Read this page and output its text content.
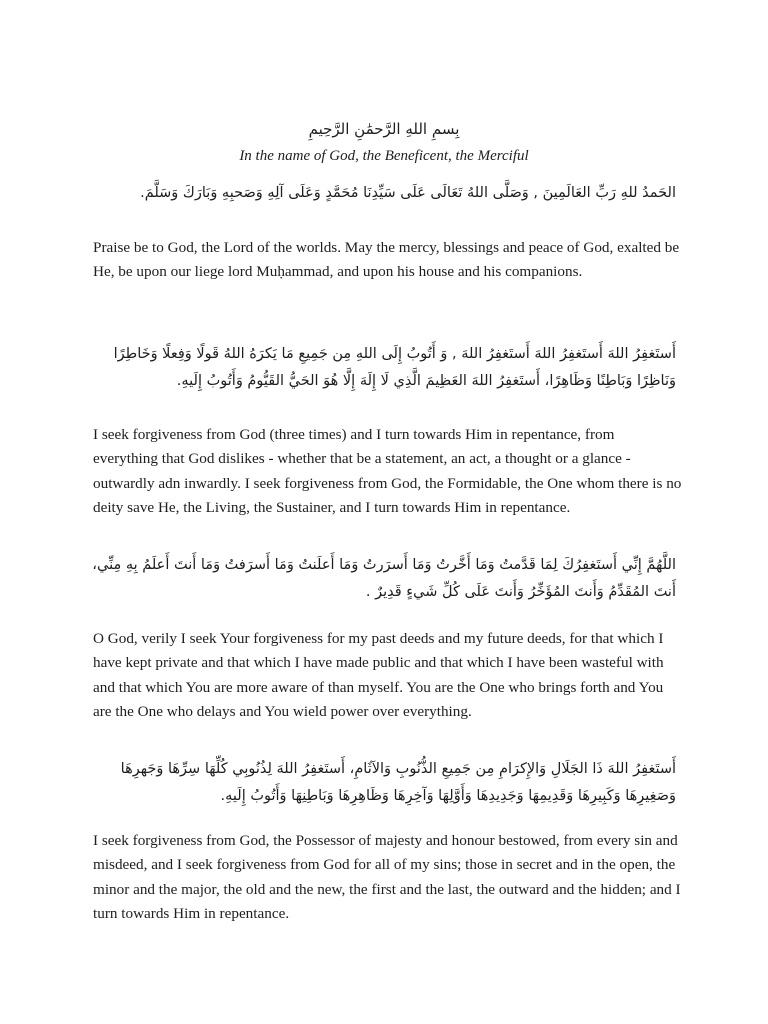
بِسمِ اللهِ الرَّحمَٰنِ الرَّحِيمِ
In the name of God, the Beneficent, the Merciful
الحَمدُ للهِ رَبِّ العَالَمِينَ , وَصَلَّى اللهُ تَعَالَى عَلَى سَيِّدِنَا مُحَمَّدٍ وَعَلَى آلِهِ وَصَحبِهِ وَبَارَكَ وَسَلَّمَ.
Praise be to God, the Lord of the worlds. May the mercy, blessings and peace of God, exalted be He, be upon our liege lord Muḥammad, and upon his house and his companions.
أَستَغفِرُ اللهَ أَستَغفِرُ اللهَ أَستَغفِرُ اللهَ , وَ أَتُوبُ إِلَى اللهِ مِن جَمِيعِ مَا يَكرَهُ اللهُ قَولًا وَفِعلًا وَخَاطِرًا وَنَاظِرًا وَبَاطِنًا وَظَاهِرًا، أَستَغفِرُ اللهَ العَظِيمَ الَّذِي لَا إِلَهَ إِلَّا هُوَ الحَيُّ القَيُّومُ وَأَتُوبُ إِلَيهِ.
I seek forgiveness from God (three times) and I turn towards Him in repentance, from everything that God dislikes - whether that be a statement, an act, a thought or a glance - outwardly adn inwardly. I seek forgiveness from God, the Formidable, the One whom there is no deity save He, the Living, the Sustainer, and I turn towards Him in repentance.
اللَّهُمَّ إِنِّي أَستَغفِرُكَ لِمَا قَدَّمتُ وَمَا أَخَّرتُ وَمَا أَسرَرتُ وَمَا أَعلَنتُ وَمَا أَسرَفتُ وَمَا أَنتَ أَعلَمُ بِهِ مِنِّي، أَنتَ المُقَدِّمُ وَأَنتَ المُؤَخِّرُ وَأَنتَ عَلَى كُلِّ شَيءٍ قَدِيرٌ .
O God, verily I seek Your forgiveness for my past deeds and my future deeds, for that which I have kept private and that which I have made public and that which I have been wasteful with and that which You are more aware of than myself. You are the One who brings forth and You are the One who delays and You wield power over everything.
أَستَغفِرُ اللهَ ذَا الجَلَالِ وَالإِكرَامِ مِن جَمِيعِ الذُّنُوبِ وَالآثَامِ، أَستَغفِرُ اللهَ لِذُنُوبِي كُلِّهَا سِرِّهَا وَجَهرِهَا وَصَغِيرِهَا وَكَبِيرِهَا وَقَدِيمِهَا وَجَدِيدِهَا وَأَوَّلِهَا وَآخِرِهَا وَظَاهِرِهَا وَبَاطِنِهَا وَأَتُوبُ إِلَيهِ.
I seek forgiveness from God, the Possessor of majesty and honour bestowed, from every sin and misdeed, and I seek forgiveness from God for all of my sins; those in secret and in the open, the minor and the major, the old and the new, the first and the last, the outward and the hidden; and I turn towards Him in repentance.
